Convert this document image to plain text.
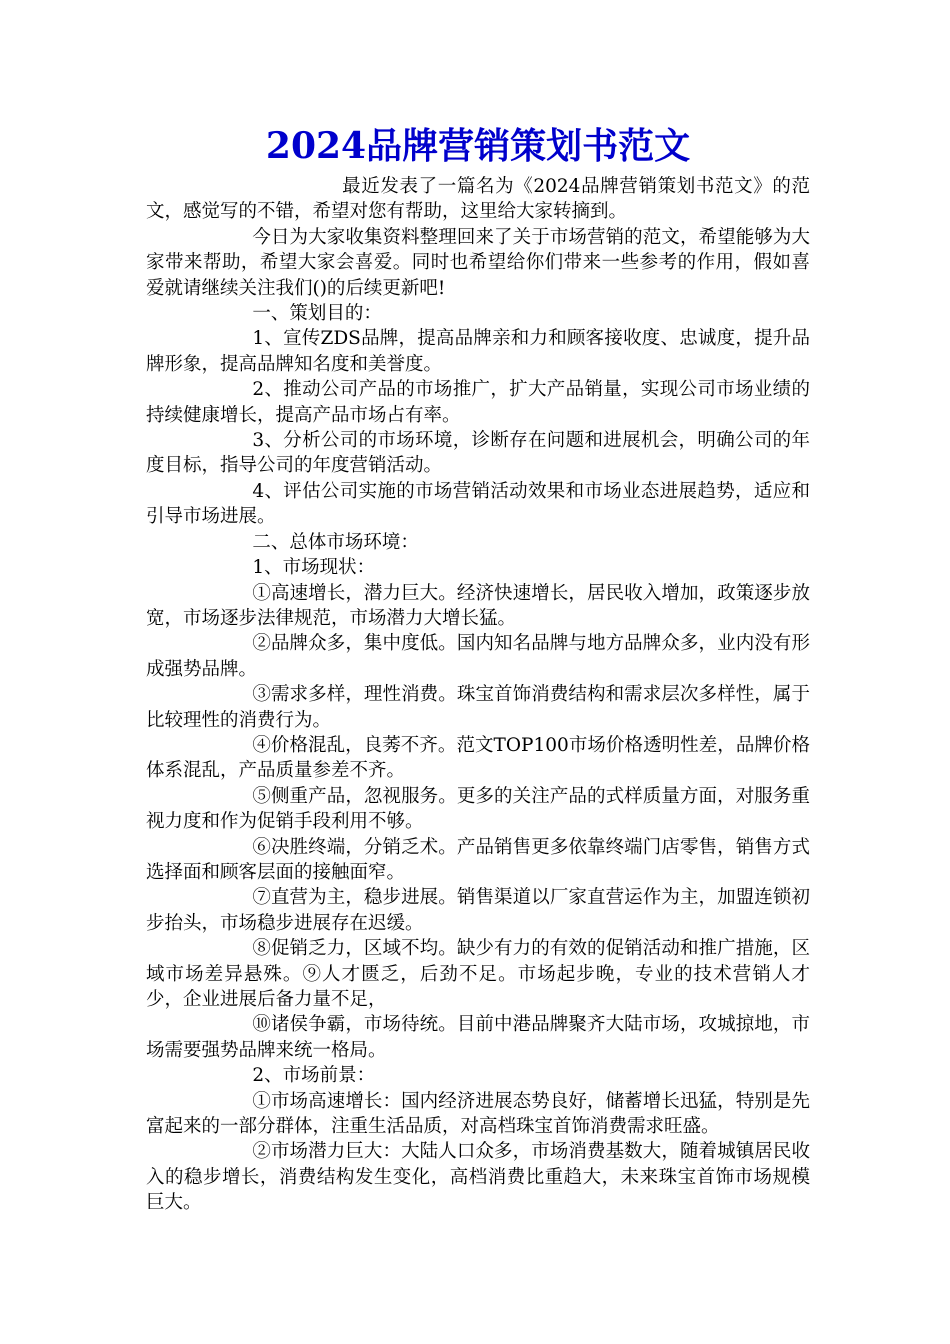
2024品牌营销策划书范文

最近发表了一篇名为《2024品牌营销策划书范文》的范文，感觉写的不错，希望对您有帮助，这里给大家转摘到。

今日为大家收集资料整理回来了关于市场营销的范文，希望能够为大家带来帮助，希望大家会喜爱。同时也希望给你们带来一些参考的作用，假如喜爱就请继续关注我们()的后续更新吧!

一、策划目的：

1、宣传ZDS品牌，提高品牌亲和力和顾客接收度、忠诚度，提升品牌形象，提高品牌知名度和美誉度。

2、推动公司产品的市场推广，扩大产品销量，实现公司市场业绩的持续健康增长，提高产品市场占有率。

3、分析公司的市场环境，诊断存在问题和进展机会，明确公司的年度目标，指导公司的年度营销活动。

4、评估公司实施的市场营销活动效果和市场业态进展趋势，适应和引导市场进展。

二、总体市场环境：

1、市场现状：

①高速增长，潜力巨大。经济快速增长，居民收入增加，政策逐步放宽，市场逐步法律规范，市场潜力大增长猛。

②品牌众多，集中度低。国内知名品牌与地方品牌众多，业内没有形成强势品牌。

③需求多样，理性消费。珠宝首饰消费结构和需求层次多样性，属于比较理性的消费行为。

④价格混乱，良莠不齐。范文TOP100市场价格透明性差，品牌价格体系混乱，产品质量参差不齐。

⑤侧重产品，忽视服务。更多的关注产品的式样质量方面，对服务重视力度和作为促销手段利用不够。

⑥决胜终端，分销乏术。产品销售更多依靠终端门店零售，销售方式选择面和顾客层面的接触面窄。

⑦直营为主，稳步进展。销售渠道以厂家直营运作为主，加盟连锁初步抬头，市场稳步进展存在迟缓。

⑧促销乏力，区域不均。缺少有力的有效的促销活动和推广措施，区域市场差异悬殊。⑨人才匮乏，后劲不足。市场起步晚，专业的技术营销人才少，企业进展后备力量不足，

⑩诸侯争霸，市场待统。目前中港品牌聚齐大陆市场，攻城掠地，市场需要强势品牌来统一格局。

2、市场前景：

①市场高速增长：国内经济进展态势良好，储蓄增长迅猛，特别是先富起来的一部分群体，注重生活品质，对高档珠宝首饰消费需求旺盛。

②市场潜力巨大：大陆人口众多，市场消费基数大，随着城镇居民收入的稳步增长，消费结构发生变化，高档消费比重趋大，未来珠宝首饰市场规模巨大。
